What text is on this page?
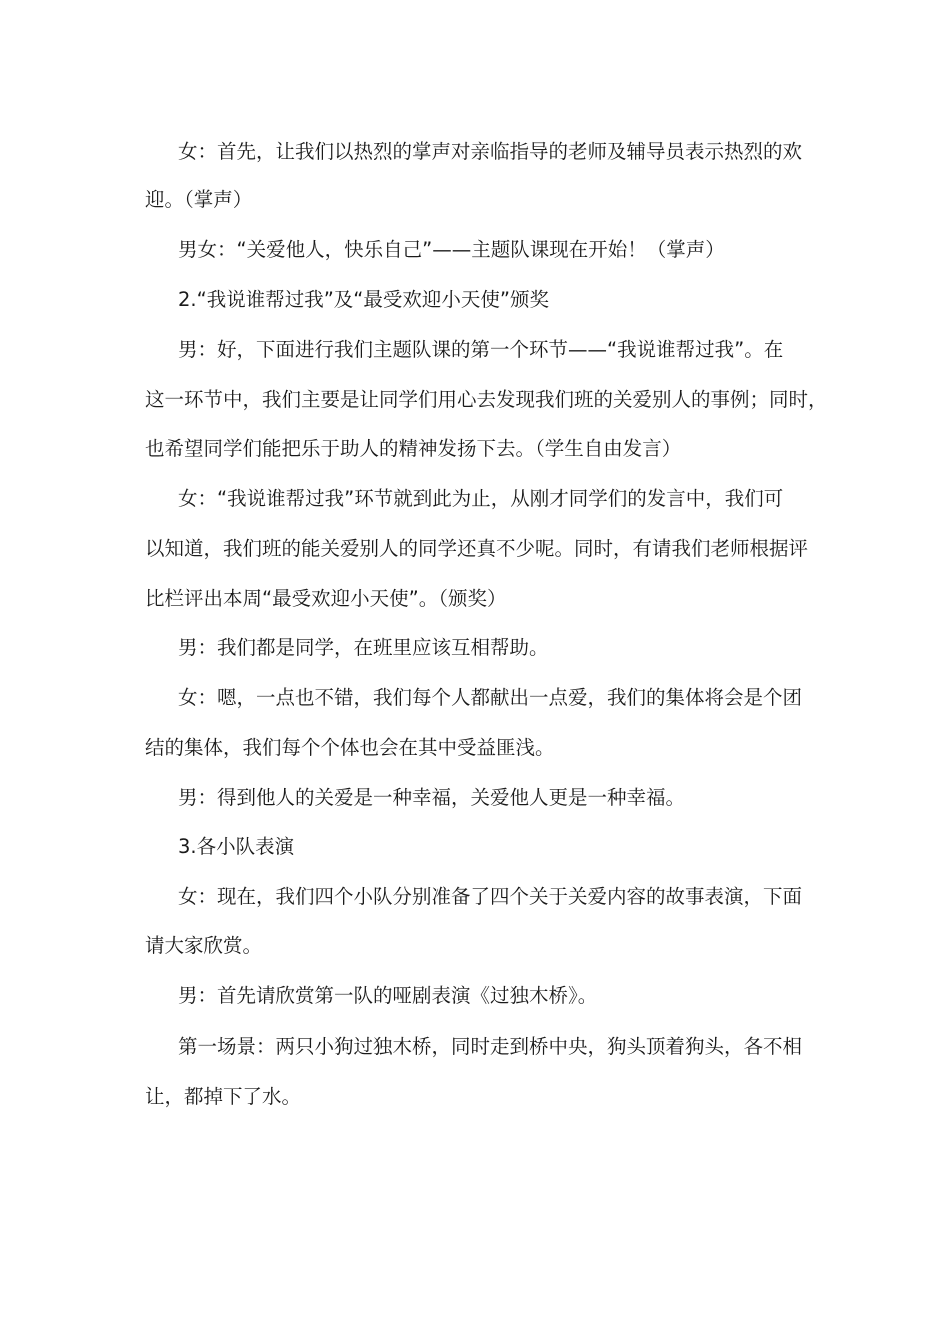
女：首先，让我们以热烈的掌声对亲临指导的老师及辅导员表示热烈的欢
迎。（掌声）
男女：“关爱他人，快乐自己”——主题队课现在开始！（掌声）
2.“我说谁帮过我”及“最受欢迎小天使”颁奖
男：好，下面进行我们主题队课的第一个环节——“我说谁帮过我”。在
这一环节中，我们主要是让同学们用心去发现我们班的关爱别人的事例；同时，
也希望同学们能把乐于助人的精神发扬下去。（学生自由发言）
女：“我说谁帮过我”环节就到此为止，从刚才同学们的发言中，我们可
以知道，我们班的能关爱别人的同学还真不少呢。同时，有请我们老师根据评
比栏评出本周“最受欢迎小天使”。（颁奖）
男：我们都是同学，在班里应该互相帮助。
女：嗯，一点也不错，我们每个人都献出一点爱，我们的集体将会是个团
结的集体，我们每个个体也会在其中受益匪浅。
男：得到他人的关爱是一种幸福，关爱他人更是一种幸福。
3.各小队表演
女：现在，我们四个小队分别准备了四个关于关爱内容的故事表演，下面
请大家欣赏。
男：首先请欣赏第一队的哑剧表演《过独木桥》。
第一场景：两只小狗过独木桥，同时走到桥中央，狗头顶着狗头，各不相
让，都掉下了水。
